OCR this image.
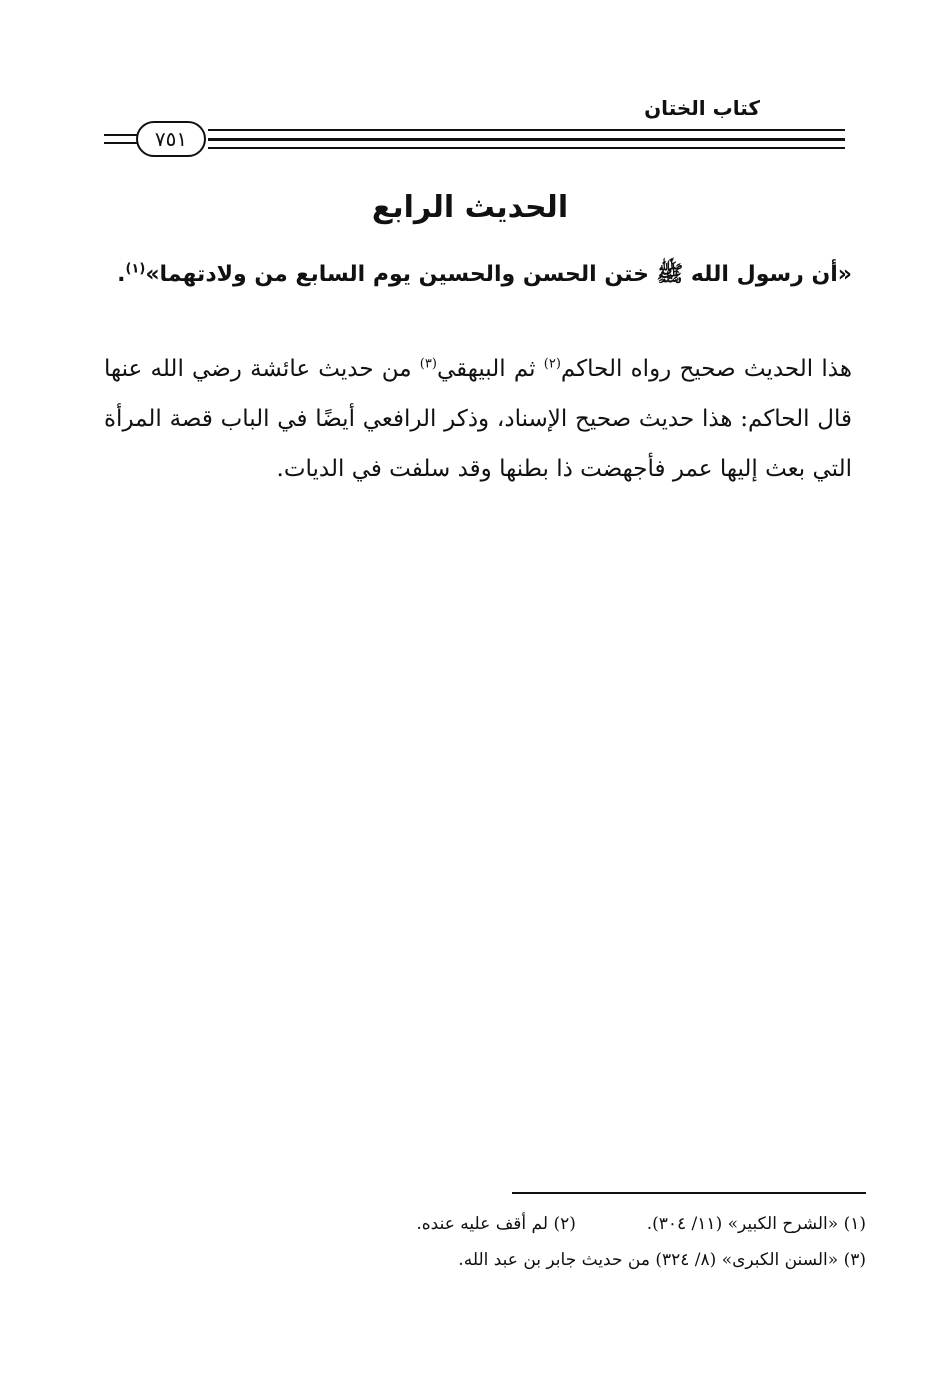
كتاب الختان
٧٥١
الحديث الرابع
«أن رسول الله ﷺ ختن الحسن والحسين يوم السابع من ولادتهما»$^{(١)}$.
هذا الحديث صحيح رواه الحاكم$^{(٢)}$ ثم البيهقي$^{(٣)}$ من حديث عائشة رضي الله عنها قال الحاكم: هذا حديث صحيح الإسناد، وذكر الرافعي أيضًا في الباب قصة المرأة التي بعث إليها عمر فأجهضت ذا بطنها وقد سلفت في الديات.
(١) «الشرح الكبير» (١١/ ٣٠٤).  (٢) لم أقف عليه عنده.
(٣) «السنن الكبرى» (٨/ ٣٢٤) من حديث جابر بن عبد الله.
